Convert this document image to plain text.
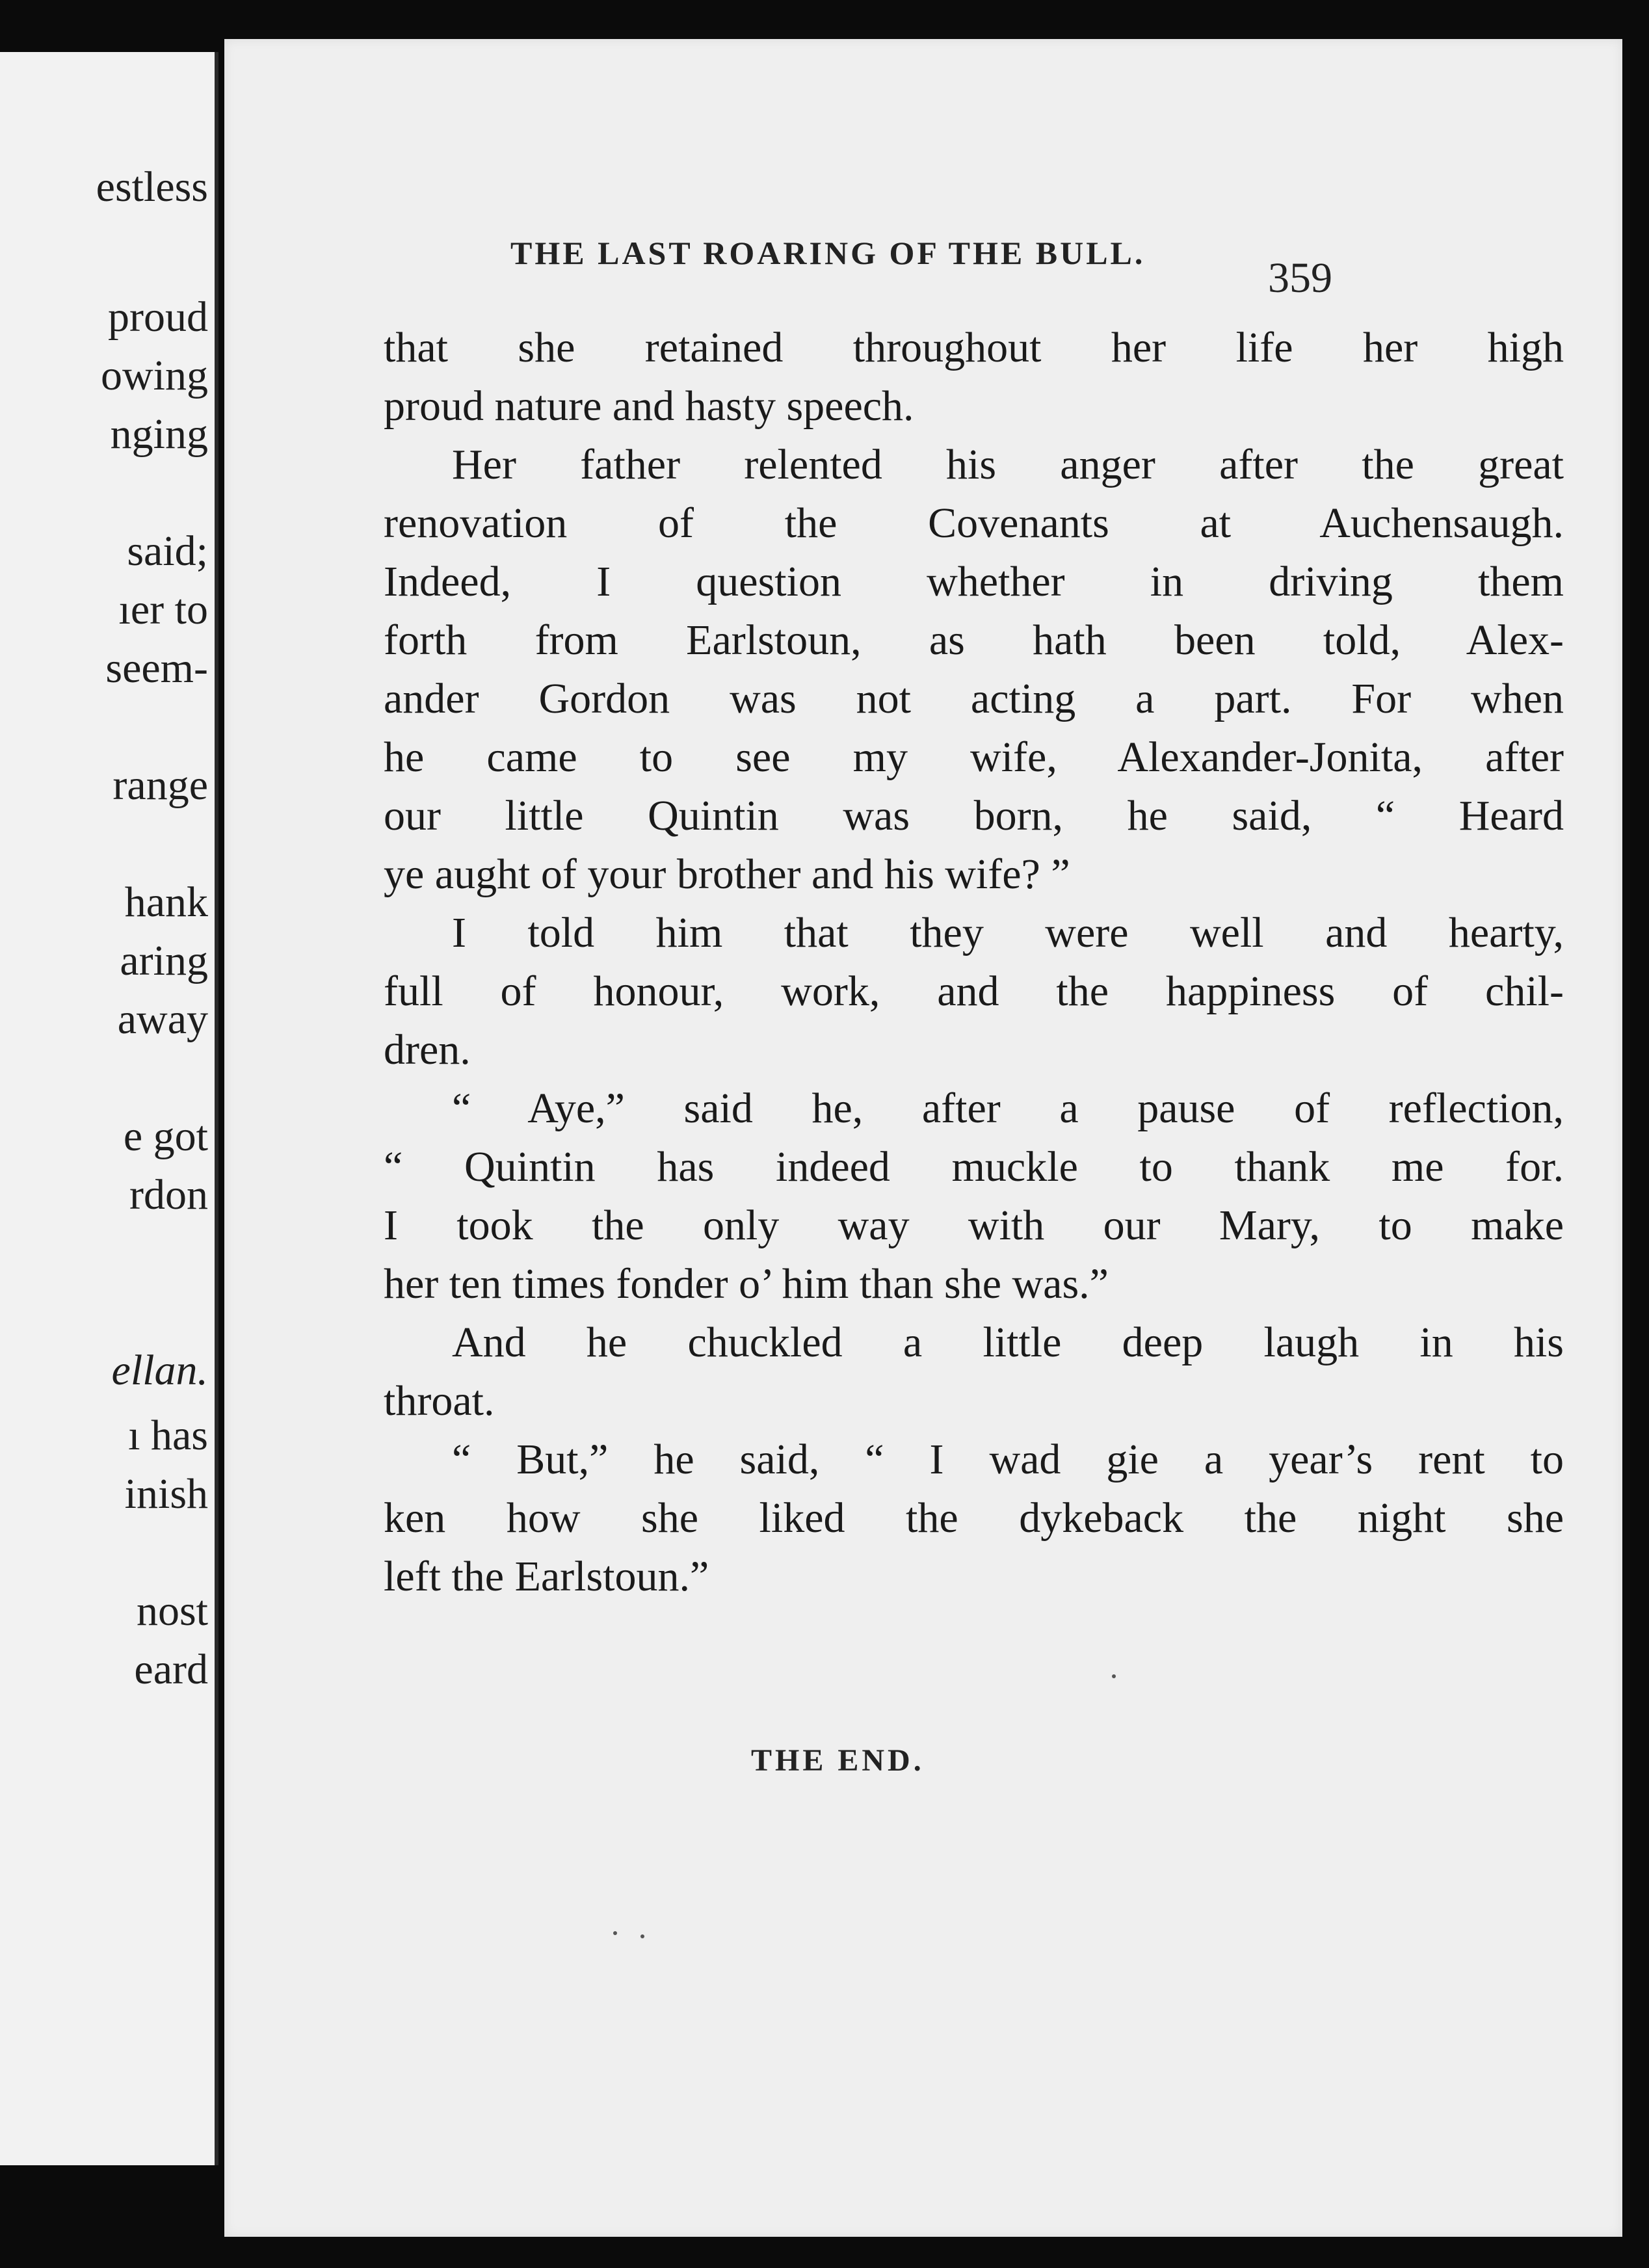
estless
proud
owing
nging
said;
ıer to
seem-
range
hank
aring
away
e got
rdon
ellan.
ı has
inish
nost
eard
THE LAST ROARING OF THE BULL.
359
that she retained throughout her life her high
proud nature and hasty speech.
Her father relented his anger after the great
renovation of the Covenants at Auchensaugh.
Indeed, I question whether in driving them
forth from Earlstoun, as hath been told, Alex-
ander Gordon was not acting a part. For when
he came to see my wife, Alexander-Jonita, after
our little Quintin was born, he said, “ Heard
ye aught of your brother and his wife? ”
I told him that they were well and hearty,
full of honour, work, and the happiness of chil-
dren.
“ Aye,” said he, after a pause of reflection,
“ Quintin has indeed muckle to thank me for.
I took the only way with our Mary, to make
her ten times fonder o’ him than she was.”
And he chuckled a little deep laugh in his
throat.
“ But,” he said, “ I wad gie a year’s rent to
ken how she liked the dykeback the night she
left the Earlstoun.”
THE END.
